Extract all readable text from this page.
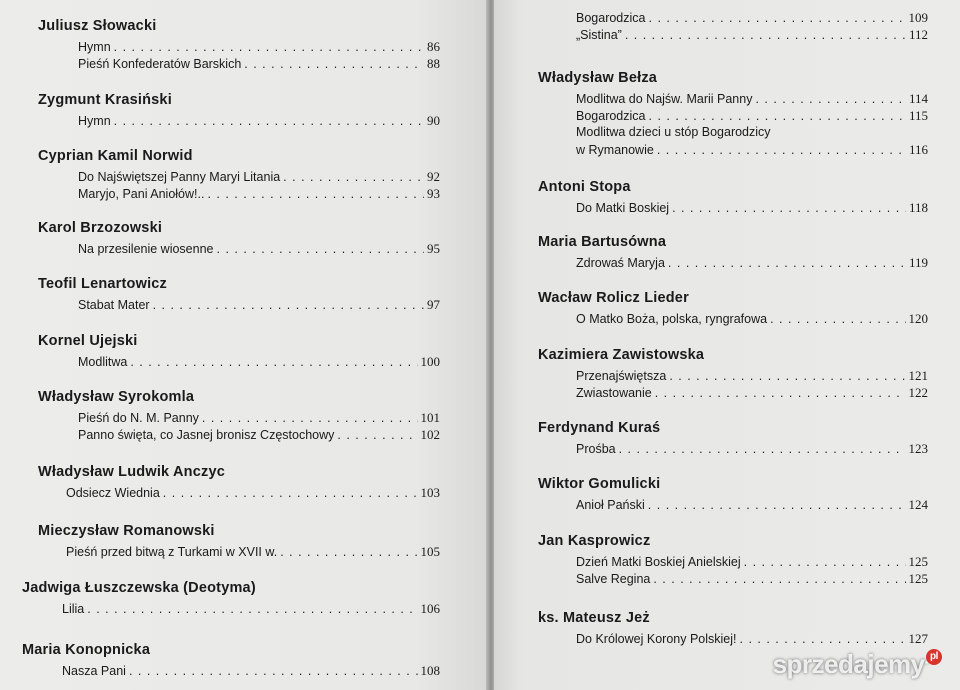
Juliusz Słowacki
Hymn . . .	86
Pieśń Konfederatów Barskich . . .	88
Zygmunt Krasiński
Hymn . . .	90
Cyprian Kamil Norwid
Do Najświętszej Panny Maryi Litania . . .	92
Maryjo, Pani Aniołów!.. . . .	93
Karol Brzozowski
Na przesilenie wiosenne . . .	95
Teofil Lenartowicz
Stabat Mater . . .	97
Kornel Ujejski
Modlitwa . . .	100
Władysław Syrokomla
Pieśń do N. M. Panny . . .	101
Panno święta, co Jasnej bronisz Częstochowy . . .	102
Władysław Ludwik Anczyc
Odsiecz Wiednia . . .	103
Mieczysław Romanowski
Pieśń przed bitwą z Turkami w XVII w. . . .	105
Jadwiga Łuszczewska (Deotyma)
Lilia . . .	106
Maria Konopnicka
Nasza Pani . . .	108
Bogarodzica . . .	109
„Sistina” . . .	112
Władysław Bełza
Modlitwa do Najśw. Marii Panny . . .	114
Bogarodzica . . .	115
Modlitwa dzieci u stóp Bogarodzicy
w Rymanowie . . .	116
Antoni Stopa
Do Matki Boskiej . . .	118
Maria Bartusówna
Zdrowaś Maryja . . .	119
Wacław Rolicz Lieder
O Matko Boża, polska, ryngrafowa . . .	120
Kazimiera Zawistowska
Przenajświętsza . . .	121
Zwiastowanie . . .	122
Ferdynand Kuraś
Prośba . . .	123
Wiktor Gomulicki
Anioł Pański . . .	124
Jan Kasprowicz
Dzień Matki Boskiej Anielskiej . . .	125
Salve Regina . . .	125
ks. Mateusz Jeż
Do Królowej Korony Polskiej! . . .	127
sprzedajemy pl
